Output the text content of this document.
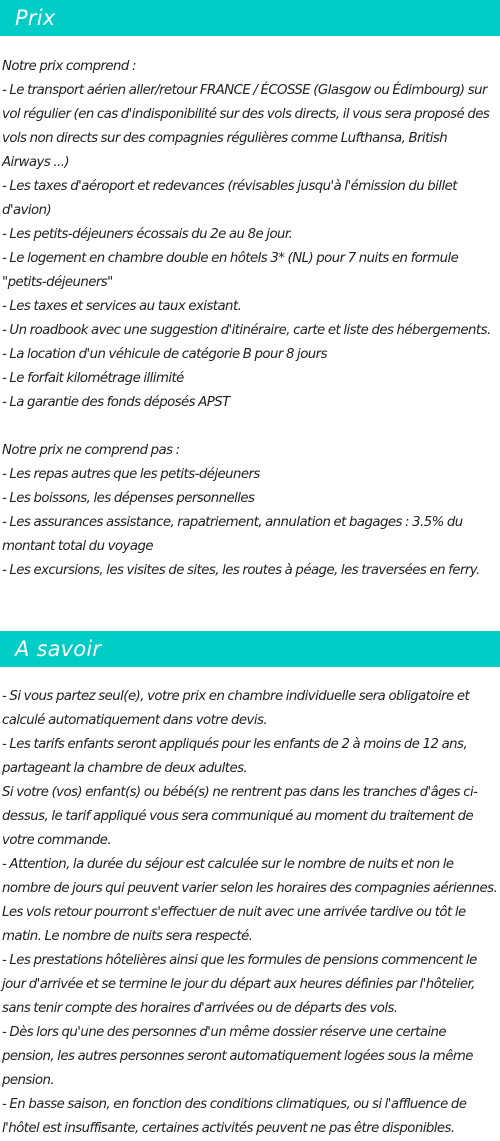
Prix
Notre prix comprend :
- Le transport aérien aller/retour FRANCE / ÉCOSSE (Glasgow ou Édimbourg) sur vol régulier (en cas d'indisponibilité sur des vols directs, il vous sera proposé des vols non directs sur des compagnies régulières comme Lufthansa, British Airways ...)
- Les taxes d'aéroport et redevances (révisables jusqu'à l'émission du billet d'avion)
- Les petits-déjeuners écossais du 2e au 8e jour.
- Le logement en chambre double en hôtels 3* (NL) pour 7 nuits en formule "petits-déjeuners"
- Les taxes et services au taux existant.
- Un roadbook avec une suggestion d'itinéraire, carte et liste des hébergements.
- La location d'un véhicule de catégorie B pour 8 jours
- Le forfait kilométrage illimité
- La garantie des fonds déposés APST
Notre prix ne comprend pas :
- Les repas autres que les petits-déjeuners
- Les boissons, les dépenses personnelles
- Les assurances assistance, rapatriement, annulation et bagages : 3.5% du montant total du voyage
- Les excursions, les visites de sites, les routes à péage, les traversées en ferry.
A savoir
- Si vous partez seul(e), votre prix en chambre individuelle sera obligatoire et calculé automatiquement dans votre devis.
- Les tarifs enfants seront appliqués pour les enfants de 2 à moins de 12 ans, partageant la chambre de deux adultes.
Si votre (vos) enfant(s) ou bébé(s) ne rentrent pas dans les tranches d'âges ci-dessus, le tarif appliqué vous sera communiqué au moment du traitement de votre commande.
- Attention, la durée du séjour est calculée sur le nombre de nuits et non le nombre de jours qui peuvent varier selon les horaires des compagnies aériennes. Les vols retour pourront s'effectuer de nuit avec une arrivée tardive ou tôt le matin. Le nombre de nuits sera respecté.
- Les prestations hôtelières ainsi que les formules de pensions commencent le jour d'arrivée et se termine le jour du départ aux heures définies par l'hôtelier, sans tenir compte des horaires d'arrivées ou de départs des vols.
- Dès lors qu'une des personnes d'un même dossier réserve une certaine pension, les autres personnes seront automatiquement logées sous la même pension.
- En basse saison, en fonction des conditions climatiques, ou si l'affluence de l'hôtel est insuffisante, certaines activités peuvent ne pas être disponibles.
